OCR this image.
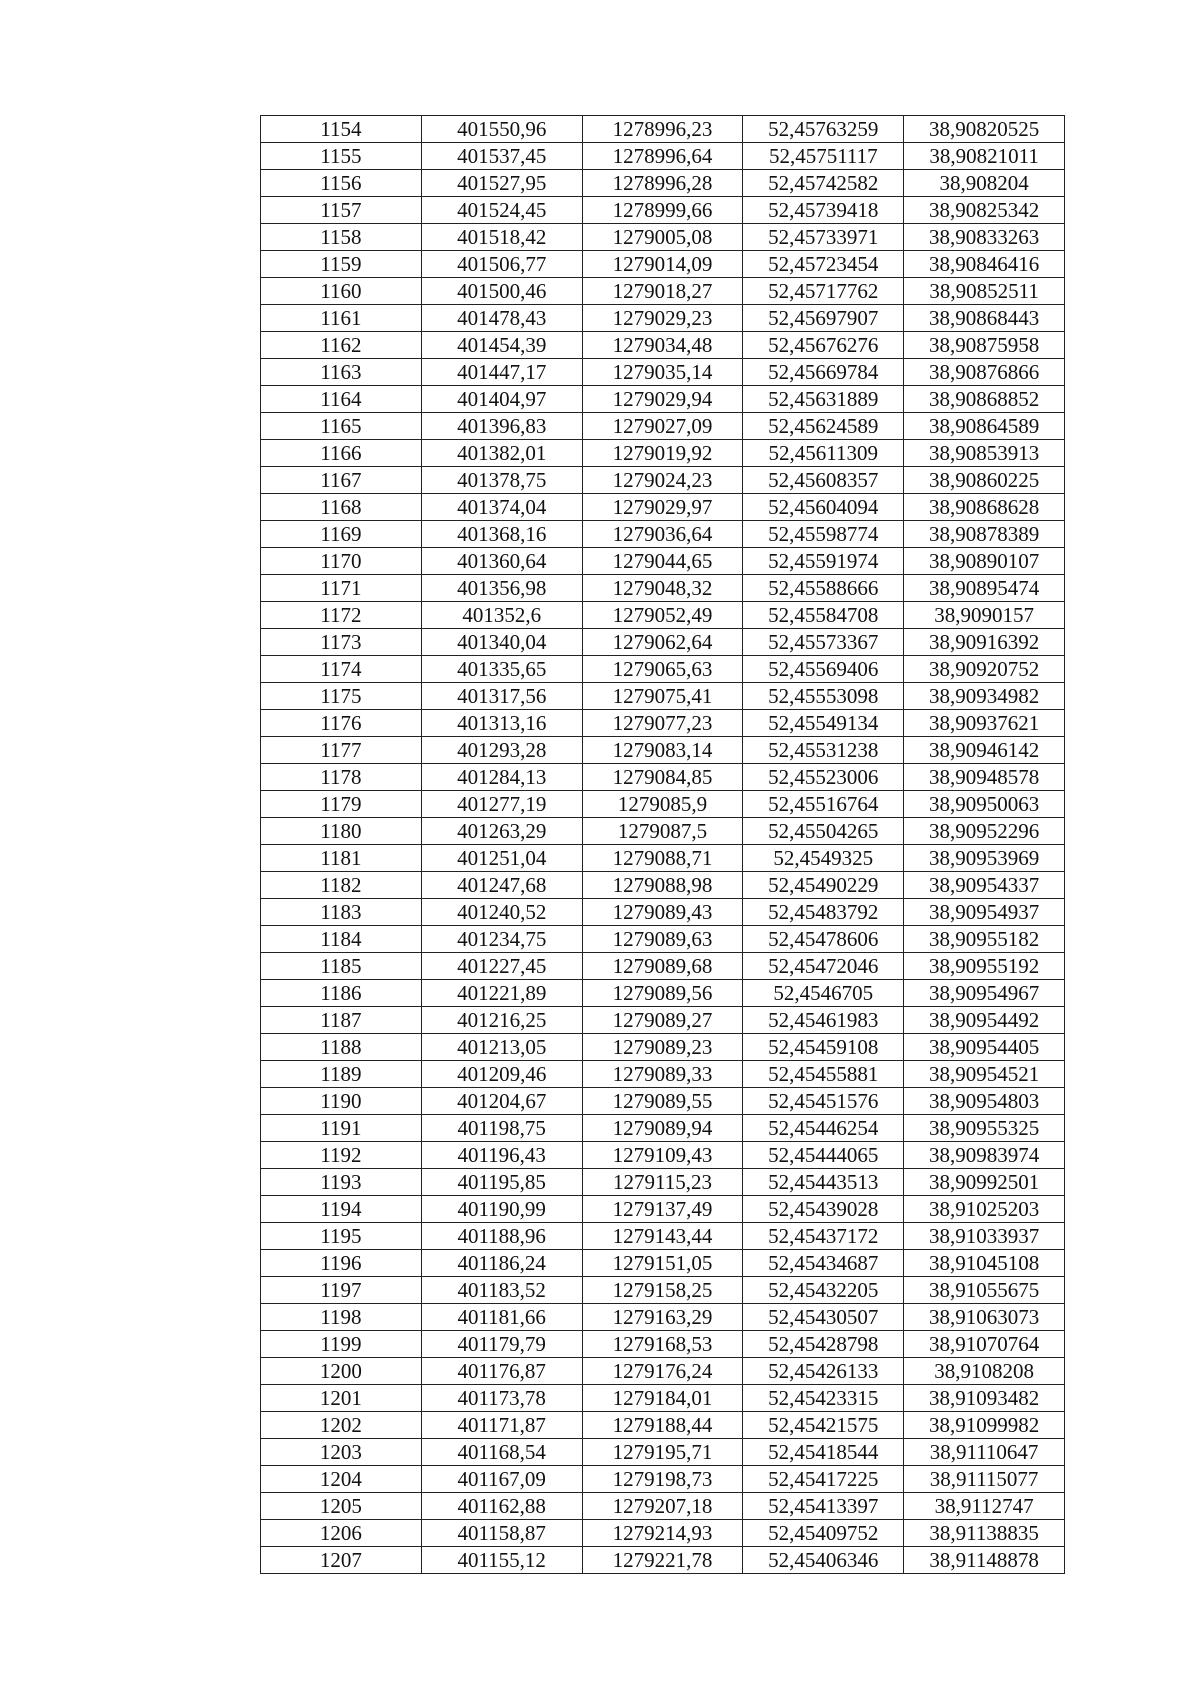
1154	401550,96	1278996,23	52,45763259	38,90820525
1155	401537,45	1278996,64	52,45751117	38,90821011
1156	401527,95	1278996,28	52,45742582	38,908204
1157	401524,45	1278999,66	52,45739418	38,90825342
1158	401518,42	1279005,08	52,45733971	38,90833263
1159	401506,77	1279014,09	52,45723454	38,90846416
1160	401500,46	1279018,27	52,45717762	38,90852511
1161	401478,43	1279029,23	52,45697907	38,90868443
1162	401454,39	1279034,48	52,45676276	38,90875958
1163	401447,17	1279035,14	52,45669784	38,90876866
1164	401404,97	1279029,94	52,45631889	38,90868852
1165	401396,83	1279027,09	52,45624589	38,90864589
1166	401382,01	1279019,92	52,45611309	38,90853913
1167	401378,75	1279024,23	52,45608357	38,90860225
1168	401374,04	1279029,97	52,45604094	38,90868628
1169	401368,16	1279036,64	52,45598774	38,90878389
1170	401360,64	1279044,65	52,45591974	38,90890107
1171	401356,98	1279048,32	52,45588666	38,90895474
1172	401352,6	1279052,49	52,45584708	38,9090157
1173	401340,04	1279062,64	52,45573367	38,90916392
1174	401335,65	1279065,63	52,45569406	38,90920752
1175	401317,56	1279075,41	52,45553098	38,90934982
1176	401313,16	1279077,23	52,45549134	38,90937621
1177	401293,28	1279083,14	52,45531238	38,90946142
1178	401284,13	1279084,85	52,45523006	38,90948578
1179	401277,19	1279085,9	52,45516764	38,90950063
1180	401263,29	1279087,5	52,45504265	38,90952296
1181	401251,04	1279088,71	52,4549325	38,90953969
1182	401247,68	1279088,98	52,45490229	38,90954337
1183	401240,52	1279089,43	52,45483792	38,90954937
1184	401234,75	1279089,63	52,45478606	38,90955182
1185	401227,45	1279089,68	52,45472046	38,90955192
1186	401221,89	1279089,56	52,4546705	38,90954967
1187	401216,25	1279089,27	52,45461983	38,90954492
1188	401213,05	1279089,23	52,45459108	38,90954405
1189	401209,46	1279089,33	52,45455881	38,90954521
1190	401204,67	1279089,55	52,45451576	38,90954803
1191	401198,75	1279089,94	52,45446254	38,90955325
1192	401196,43	1279109,43	52,45444065	38,90983974
1193	401195,85	1279115,23	52,45443513	38,90992501
1194	401190,99	1279137,49	52,45439028	38,91025203
1195	401188,96	1279143,44	52,45437172	38,91033937
1196	401186,24	1279151,05	52,45434687	38,91045108
1197	401183,52	1279158,25	52,45432205	38,91055675
1198	401181,66	1279163,29	52,45430507	38,91063073
1199	401179,79	1279168,53	52,45428798	38,91070764
1200	401176,87	1279176,24	52,45426133	38,9108208
1201	401173,78	1279184,01	52,45423315	38,91093482
1202	401171,87	1279188,44	52,45421575	38,91099982
1203	401168,54	1279195,71	52,45418544	38,91110647
1204	401167,09	1279198,73	52,45417225	38,91115077
1205	401162,88	1279207,18	52,45413397	38,9112747
1206	401158,87	1279214,93	52,45409752	38,91138835
1207	401155,12	1279221,78	52,45406346	38,91148878
